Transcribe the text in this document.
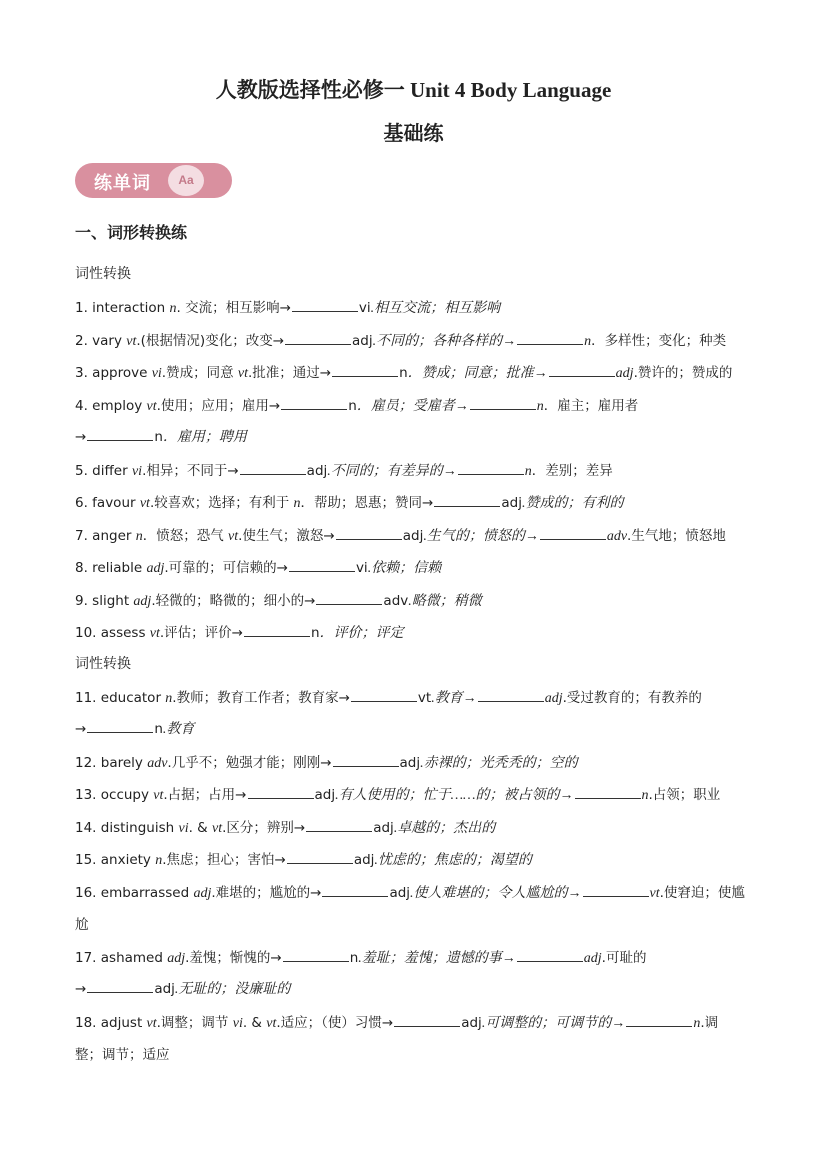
人教版选择性必修一 Unit 4 Body Language
基础练
练单词	Aa
一、词形转换练
词性转换
1. interaction n. 交流；相互影响→	vi.相互交流；相互影响
2. vary vt.(根据情况)变化；改变→	adj.不同的；各种各样的→	n．多样性；变化；种类
3. approve vi.赞成；同意 vt.批准；通过→	n．赞成；同意；批准→	adj.赞许的；赞成的
4. employ vt.使用；应用；雇用→	n．雇员；受雇者→	n．雇主；雇用者
→	n．雇用；聘用
5. differ vi.相异；不同于→	adj.不同的；有差异的→	n．差别；差异
6. favour vt.较喜欢；选择；有利于 n．帮助；恩惠；赞同→	adj.赞成的；有利的
7. anger n．愤怒；恐气 vt.使生气；激怒→	adj.生气的；愤怒的→	adv.生气地；愤怒地
8. reliable adj.可靠的；可信赖的→	vi.依赖；信赖
9. slight adj.轻微的；略微的；细小的→	adv.略微；稍微
10. assess vt.评估；评价→	n．评价；评定
词性转换
11. educator n.教师；教育工作者；教育家→	vt.教育→	adj.受过教育的；有教养的
→	n.教育
12. barely adv.几乎不；勉强才能；刚刚→	adj.赤裸的；光秃秃的；空的
13. occupy vt.占据；占用→	adj.有人使用的；忙于……的；被占领的→	n.占领；职业
14. distinguish vi. & vt.区分；辨别→	adj.卓越的；杰出的
15. anxiety n.焦虑；担心；害怕→	adj.忧虑的；焦虑的；渴望的
16. embarrassed adj.难堪的；尴尬的→	adj.使人难堪的；令人尴尬的→	vt.使窘迫；使尴
尬
17. ashamed adj.羞愧；惭愧的→	n.羞耻；羞愧；遗憾的事→	adj.可耻的
→	adj.无耻的；没廉耻的
18. adjust vt.调整；调节 vi. & vt.适应；（使）习惯→	adj.可调整的；可调节的→	n.调
整；调节；适应
